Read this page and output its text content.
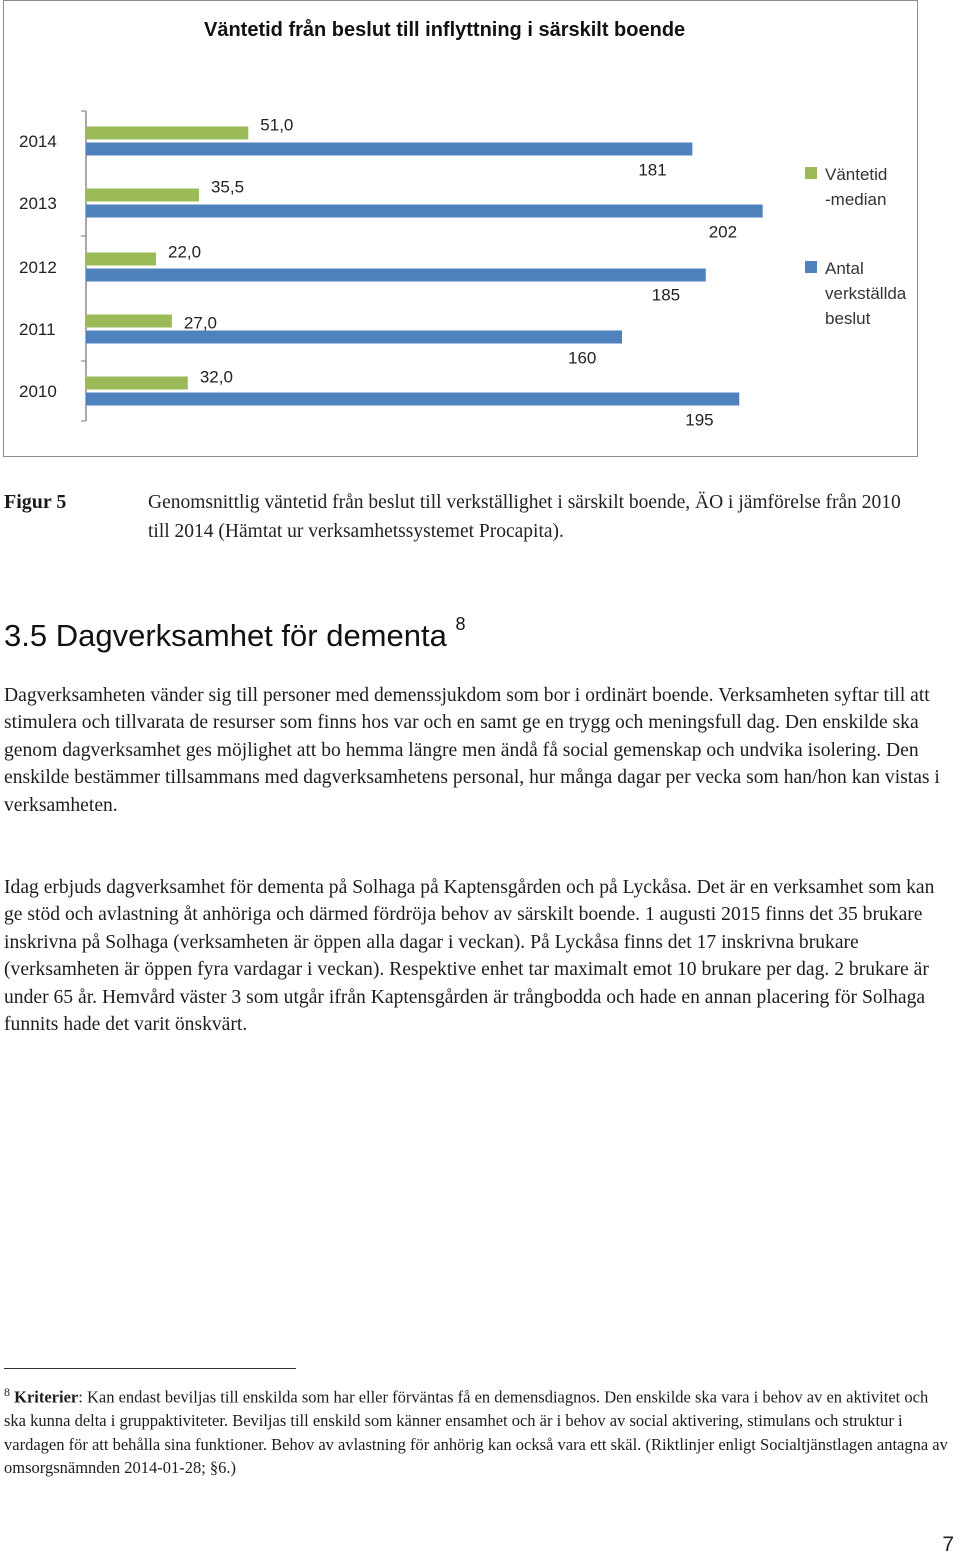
Väntetid från beslut till inflyttning i särskilt boende
2014
51,0
181
2013
35,5
202
2012
22,0
185
2011	27,0
160
2010
32,0
195
Väntetid
-median
Antal
verkställda
beslut
Figur 5	Genomsnittlig väntetid från beslut till verkställighet i särskilt boende, ÄO i jämförelse från 2010 till 2014 (Hämtat ur verksamhetssystemet Procapita).
3.5 Dagverksamhet för dementa $^8$

Dagverksamheten vänder sig till personer med demenssjukdom som bor i ordinärt boende. Verksamheten syftar till att stimulera och tillvarata de resurser som finns hos var och en samt ge en trygg och meningsfull dag. Den enskilde ska genom dagverksamhet ges möjlighet att bo hemma längre men ändå få social gemenskap och undvika isolering. Den enskilde bestämmer tillsammans med dagverksamhetens personal, hur många dagar per vecka som han/hon kan vistas i verksamheten.

Idag erbjuds dagverksamhet för dementa på Solhaga på Kaptensgården och på Lyckåsa. Det är en verksamhet som kan ge stöd och avlastning åt anhöriga och därmed fördröja behov av särskilt boende. 1 augusti 2015 finns det 35 brukare inskrivna på Solhaga (verksamheten är öppen alla dagar i veckan). På Lyckåsa finns det 17 inskrivna brukare (verksamheten är öppen fyra vardagar i veckan). Respektive enhet tar maximalt emot 10 brukare per dag. 2 brukare är under 65 år. Hemvård väster 3 som utgår ifrån Kaptensgården är trångbodda och hade en annan placering för Solhaga funnits hade det varit önskvärt.

$^8$ Kriterier: Kan endast beviljas till enskilda som har eller förväntas få en demensdiagnos. Den enskilde ska vara i behov av en aktivitet och ska kunna delta i gruppaktiviteter. Beviljas till enskild som känner ensamhet och är i behov av social aktivering, stimulans och struktur i vardagen för att behålla sina funktioner. Behov av avlastning för anhörig kan också vara ett skäl. (Riktlinjer enligt Socialtjänstlagen antagna av omsorgsnämnden 2014-01-28; §6.)

7
